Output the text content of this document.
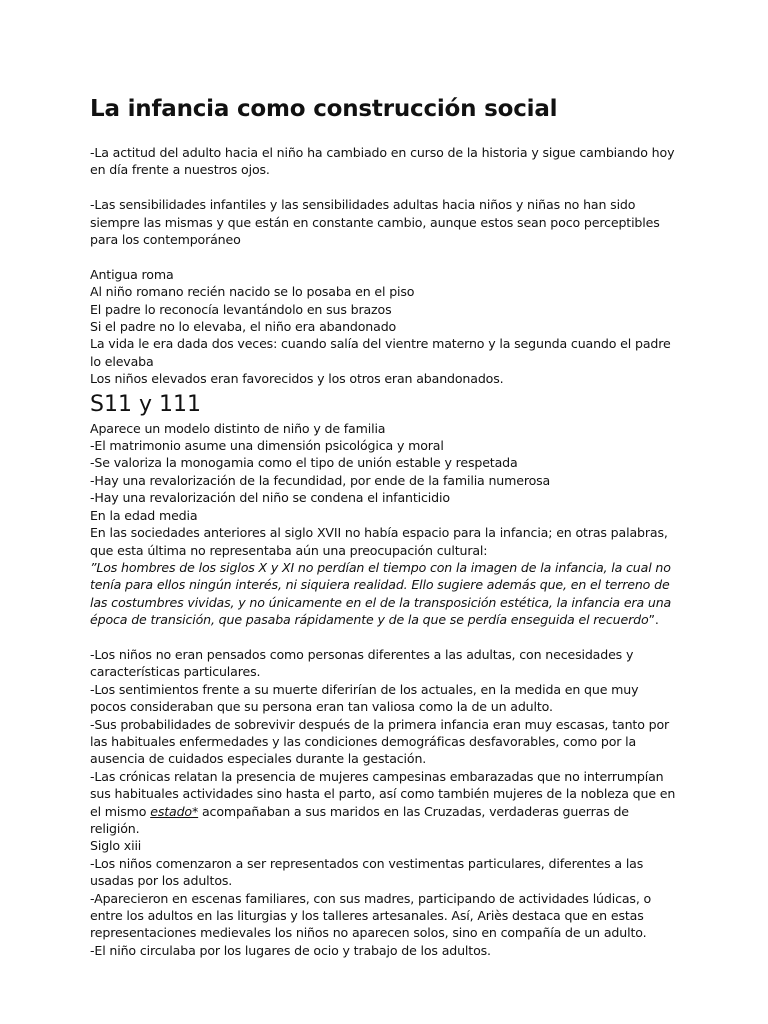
La infancia como construcción social

-La actitud del adulto hacia el niño ha cambiado en curso de la historia y sigue cambiando hoy en día frente a nuestros ojos.

-Las sensibilidades infantiles y las sensibilidades adultas hacia niños y niñas no han sido siempre las mismas y que están en constante cambio, aunque estos sean poco perceptibles para los contemporáneo

Antigua roma

Al niño romano recién nacido se lo posaba en el piso

El padre lo reconocía levantándolo en sus brazos

Si el padre no lo elevaba, el niño era abandonado

La vida le era dada dos veces: cuando salía del vientre materno y la segunda cuando el padre lo elevaba

Los niños elevados eran favorecidos y los otros eran abandonados.

S11 y 111

Aparece un modelo distinto de niño y de familia

-El matrimonio asume una dimensión psicológica y moral

-Se valoriza la monogamia como el tipo de unión estable y respetada

-Hay una revalorización de la fecundidad, por ende de la familia numerosa

-Hay una revalorización del niño se condena el infanticidio

En la edad media

En las sociedades anteriores al siglo XVII no había espacio para la infancia; en otras palabras, que esta última no representaba aún una preocupación cultural:

”Los hombres de los siglos X y XI no perdían el tiempo con la imagen de la infancia, la cual no tenía para ellos ningún interés, ni siquiera realidad. Ello sugiere además que, en el terreno de las costumbres vividas, y no únicamente en el de la transposición estética, la infancia era una época de transición, que pasaba rápidamente y de la que se perdía enseguida el recuerdo”.

-Los niños no eran pensados como personas diferentes a las adultas, con necesidades y características particulares.

-Los sentimientos frente a su muerte diferirían de los actuales, en la medida en que muy pocos consideraban que su persona eran tan valiosa como la de un adulto.

-Sus probabilidades de sobrevivir después de la primera infancia eran muy escasas, tanto por las habituales enfermedades y las condiciones demográficas desfavorables, como por la ausencia de cuidados especiales durante la gestación.

-Las crónicas relatan la presencia de mujeres campesinas embarazadas que no interrumpían sus habituales actividades sino hasta el parto, así como también mujeres de la nobleza que en el mismo estado* acompañaban a sus maridos en las Cruzadas, verdaderas guerras de religión.

Siglo xiii

-Los niños comenzaron a ser representados con vestimentas particulares, diferentes a las usadas por los adultos.

-Aparecieron en escenas familiares, con sus madres, participando de actividades lúdicas, o entre los adultos en las liturgias y los talleres artesanales. Así, Ariès destaca que en estas representaciones medievales los niños no aparecen solos, sino en compañía de un adulto.

-El niño circulaba por los lugares de ocio y trabajo de los adultos.
